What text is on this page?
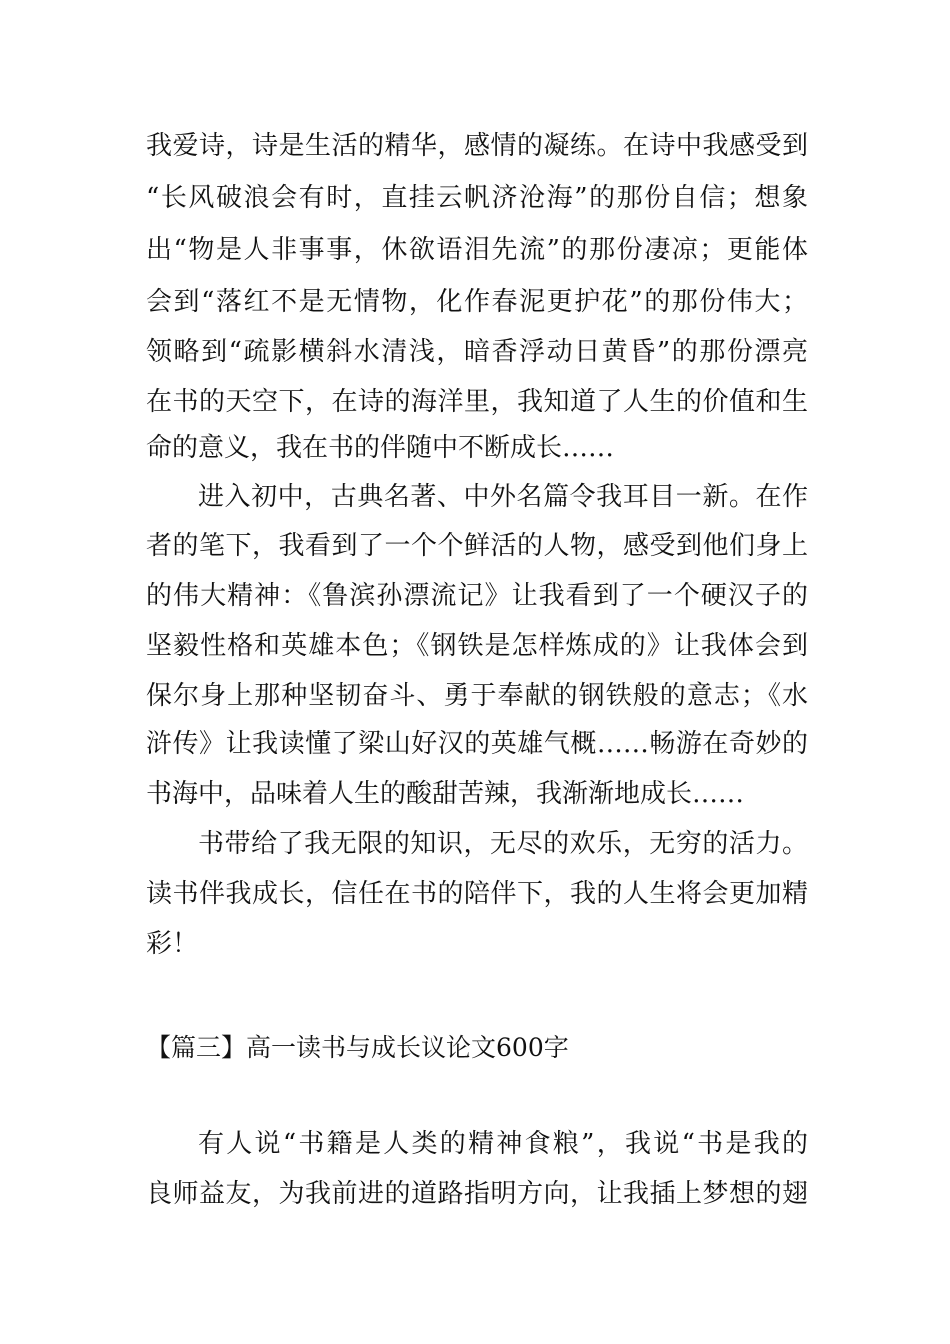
我爱诗，诗是生活的精华，感情的凝练。在诗中我感受到
“长风破浪会有时，直挂云帆济沧海”的那份自信；想象
出“物是人非事事，休欲语泪先流”的那份凄凉；更能体
会到“落红不是无情物，化作春泥更护花”的那份伟大；
领略到“疏影横斜水清浅，暗香浮动日黄昏”的那份漂亮
在书的天空下，在诗的海洋里，我知道了人生的价值和生
命的意义，我在书的伴随中不断成长……
进入初中，古典名著、中外名篇令我耳目一新。在作
者的笔下，我看到了一个个鲜活的人物，感受到他们身上
的伟大精神：《鲁滨孙漂流记》让我看到了一个硬汉子的
坚毅性格和英雄本色；《钢铁是怎样炼成的》让我体会到
保尔身上那种坚韧奋斗、勇于奉献的钢铁般的意志；《水
浒传》让我读懂了梁山好汉的英雄气概……畅游在奇妙的
书海中，品味着人生的酸甜苦辣，我渐渐地成长……
书带给了我无限的知识，无尽的欢乐，无穷的活力。
读书伴我成长，信任在书的陪伴下，我的人生将会更加精
彩！
【篇三】高一读书与成长议论文600字
有人说“书籍是人类的精神食粮”，我说“书是我的
良师益友，为我前进的道路指明方向，让我插上梦想的翅
